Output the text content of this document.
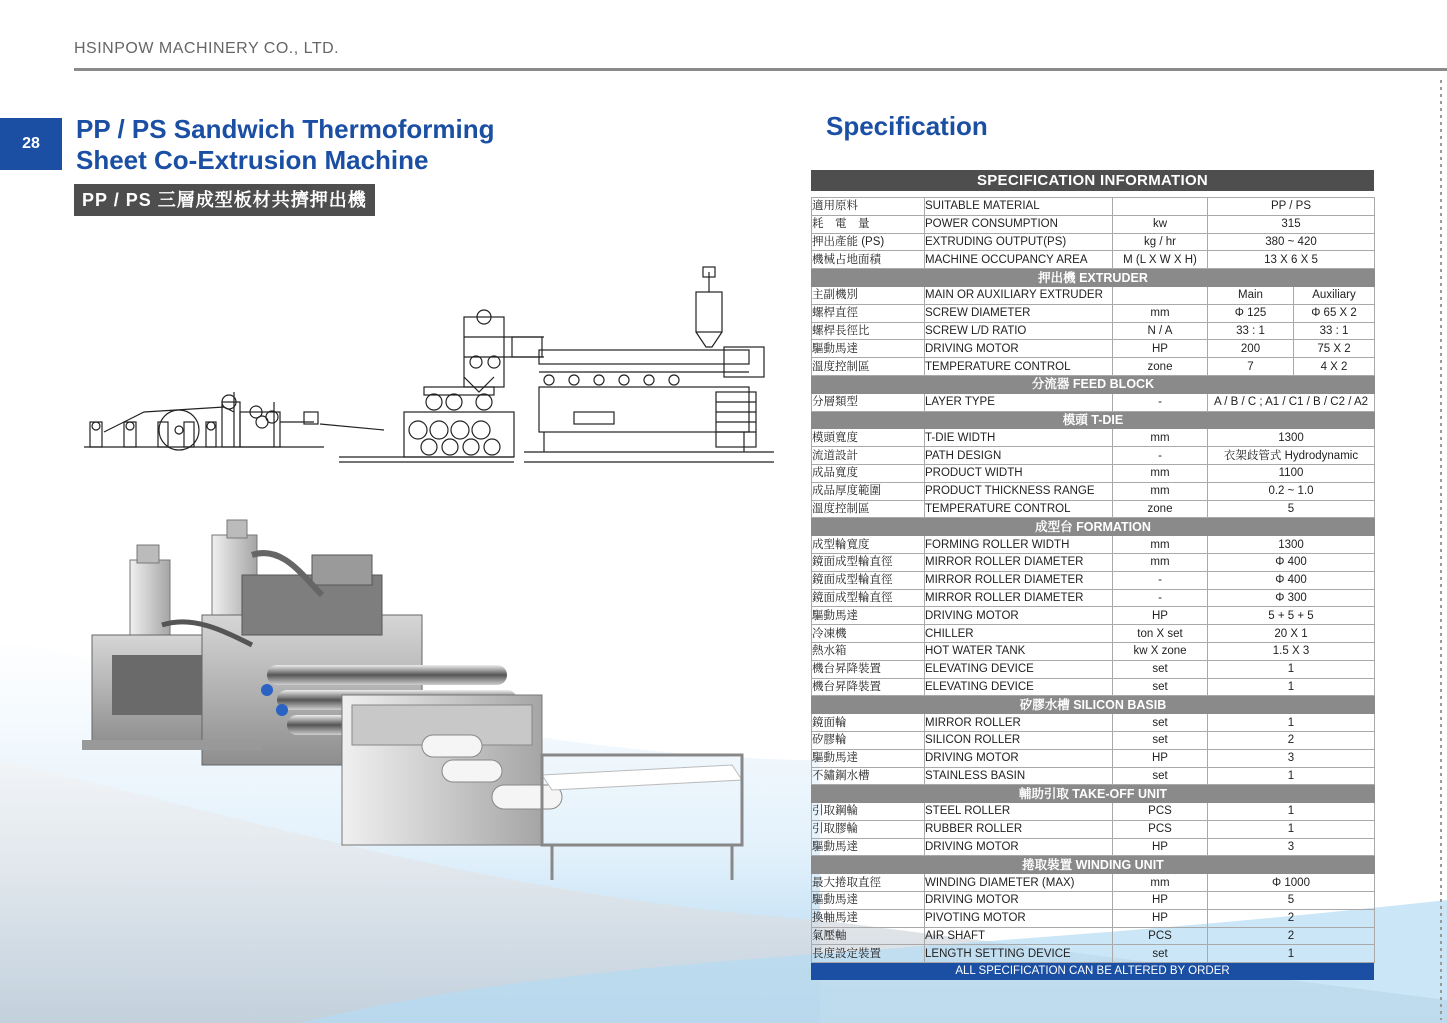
HSINPOW MACHINERY CO., LTD.
28	PP / PS Sandwich Thermoforming
Sheet Co-Extrusion Machine
PP / PS 三層成型板材共擠押出機
Specification
SPECIFICATION INFORMATION
適用原料	SUITABLE MATERIAL		PP / PS	
耗　電　量	POWER CONSUMPTION	kw	315	
押出產能 (PS)	EXTRUDING OUTPUT(PS)	kg / hr	380 ~ 420	
機械占地面積	MACHINE OCCUPANCY AREA	M (L X W X H)	13 X 6 X 5	
押出機 EXTRUDER				
主副機別	MAIN OR AUXILIARY EXTRUDER		Main	Auxiliary
螺桿直徑	SCREW DIAMETER	mm	Φ 125	Φ 65 X 2
螺桿長徑比	SCREW L/D RATIO	N / A	33 : 1	33 : 1
驅動馬達	DRIVING MOTOR	HP	200	75 X 2
溫度控制區	TEMPERATURE CONTROL	zone	7	4 X 2
分流器 FEED BLOCK				
分層類型	LAYER TYPE	-	A / B / C ; A1 / C1 / B / C2 / A2	
模頭 T-DIE				
模頭寬度	T-DIE WIDTH	mm	1300	
流道設計	PATH DESIGN	-	衣架歧管式 Hydrodynamic	
成品寬度	PRODUCT WIDTH	mm	1100	
成品厚度範圍	PRODUCT THICKNESS RANGE	mm	0.2 ~ 1.0	
溫度控制區	TEMPERATURE CONTROL	zone	5	
成型台 FORMATION				
成型輪寬度	FORMING ROLLER WIDTH	mm	1300	
鏡面成型輪直徑	MIRROR ROLLER DIAMETER	mm	Φ 400	
鏡面成型輪直徑	MIRROR ROLLER DIAMETER	-	Φ 400	
鏡面成型輪直徑	MIRROR ROLLER DIAMETER	-	Φ 300	
驅動馬達	DRIVING MOTOR	HP	5 + 5 + 5	
冷凍機	CHILLER	ton X set	20 X 1	
熱水箱	HOT WATER TANK	kw X zone	1.5 X 3	
機台昇降裝置	ELEVATING DEVICE	set	1	
機台昇降裝置	ELEVATING DEVICE	set	1	
矽膠水槽 SILICON BASIB				
鏡面輪	MIRROR ROLLER	set	1	
矽膠輪	SILICON ROLLER	set	2	
驅動馬達	DRIVING MOTOR	HP	3	
不鏽鋼水槽	STAINLESS BASIN	set	1	
輔助引取 TAKE-OFF UNIT				
引取鋼輪	STEEL ROLLER	PCS	1	
引取膠輪	RUBBER ROLLER	PCS	1	
驅動馬達	DRIVING MOTOR	HP	3	
捲取裝置 WINDING UNIT				
最大捲取直徑	WINDING DIAMETER (MAX)	mm	Φ 1000	
驅動馬達	DRIVING MOTOR	HP	5	
換軸馬達	PIVOTING MOTOR	HP	2	
氣壓軸	AIR SHAFT	PCS	2	
長度設定裝置	LENGTH SETTING DEVICE	set	1	
ALL SPECIFICATION CAN BE ALTERED BY ORDER
